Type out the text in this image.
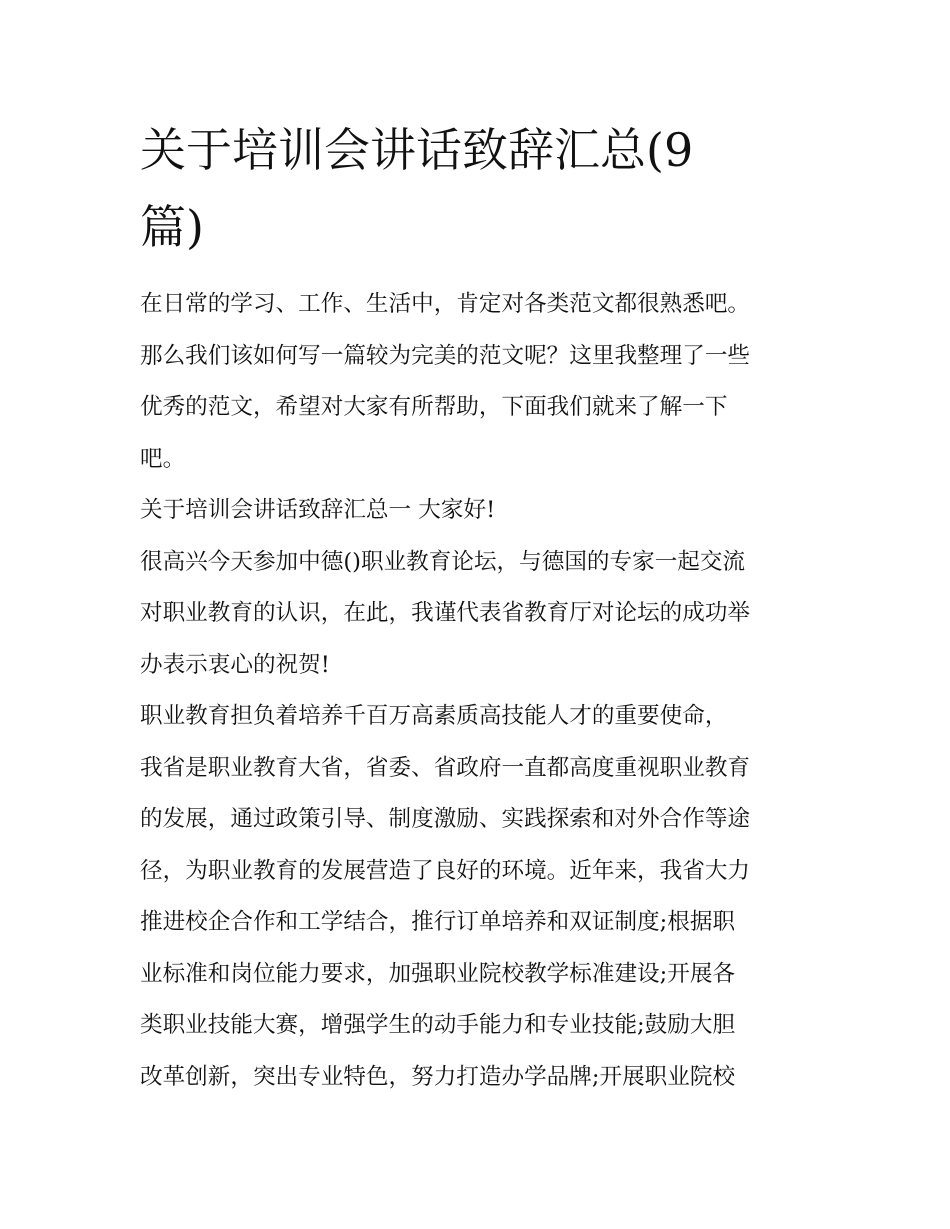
关于培训会讲话致辞汇总(9
篇)
在日常的学习、工作、生活中，肯定对各类范文都很熟悉吧。
那么我们该如何写一篇较为完美的范文呢？这里我整理了一些
优秀的范文，希望对大家有所帮助，下面我们就来了解一下
吧。
关于培训会讲话致辞汇总一 大家好!
很高兴今天参加中德()职业教育论坛，与德国的专家一起交流
对职业教育的认识，在此，我谨代表省教育厅对论坛的成功举
办表示衷心的祝贺!
职业教育担负着培养千百万高素质高技能人才的重要使命，
我省是职业教育大省，省委、省政府一直都高度重视职业教育
的发展，通过政策引导、制度激励、实践探索和对外合作等途
径，为职业教育的发展营造了良好的环境。近年来，我省大力
推进校企合作和工学结合，推行订单培养和双证制度;根据职
业标准和岗位能力要求，加强职业院校教学标准建设;开展各
类职业技能大赛，增强学生的动手能力和专业技能;鼓励大胆
改革创新，突出专业特色，努力打造办学品牌;开展职业院校
